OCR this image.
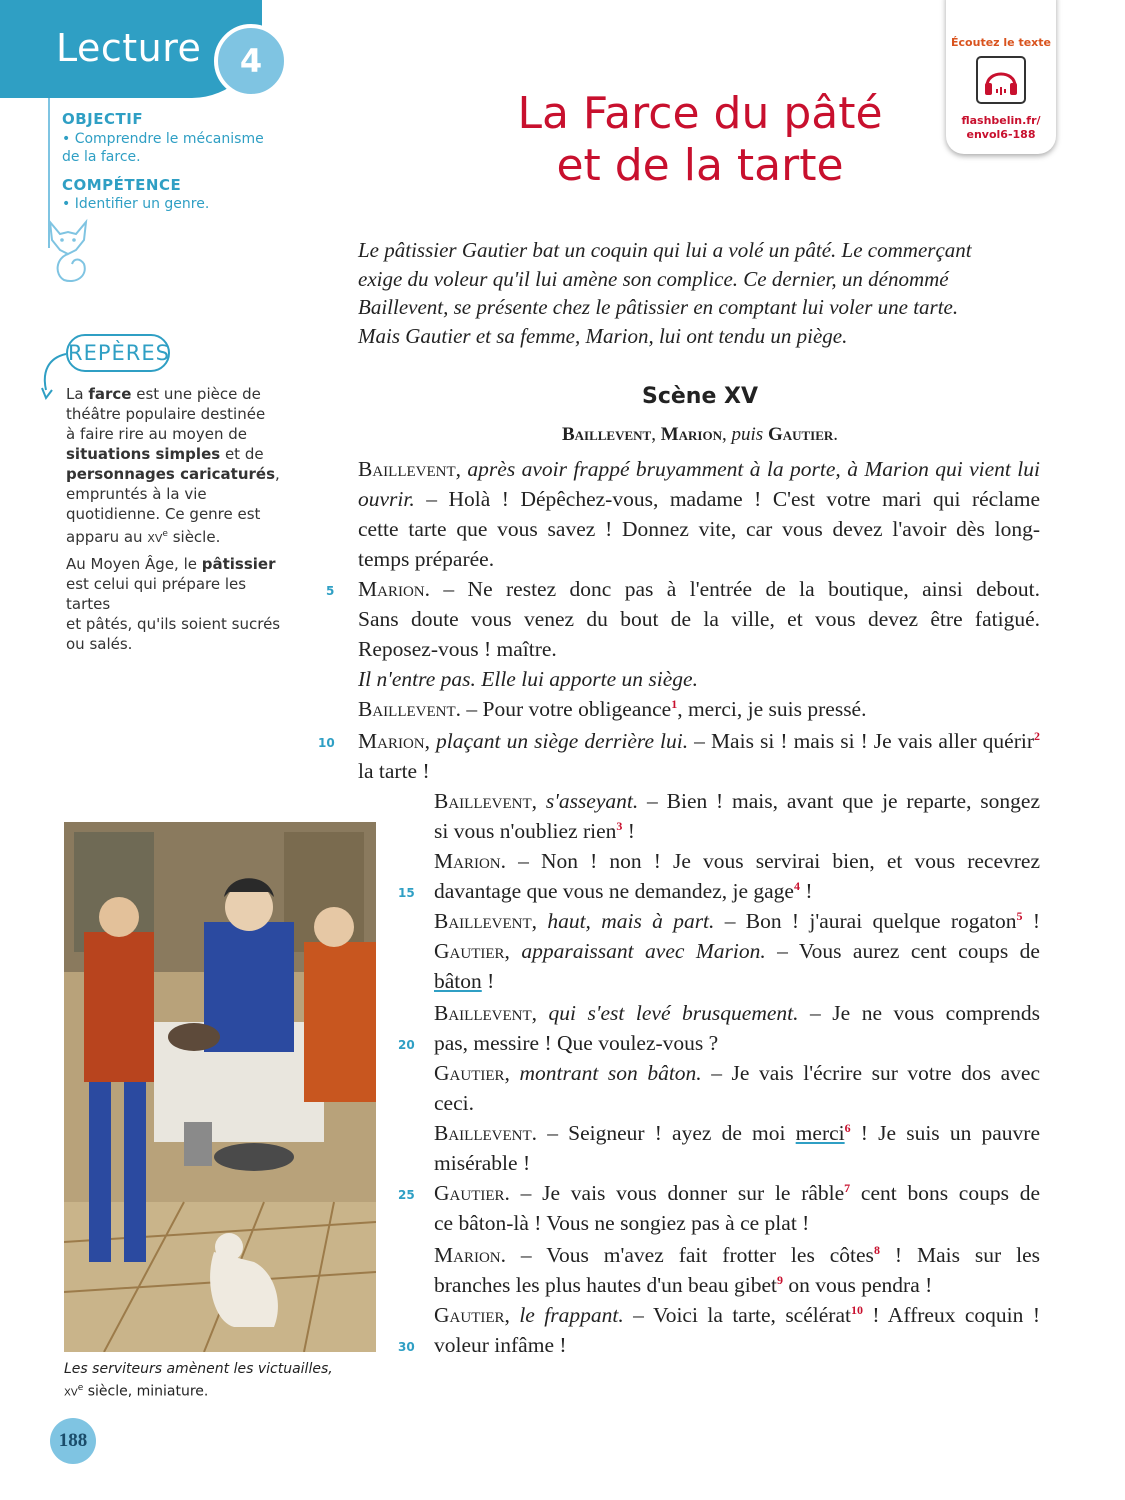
Lecture	4
OBJECTIF
• Comprendre le mécanisme
de la farce.
COMPÉTENCE
• Identifier un genre.
REPÈRES
La farce est une pièce de
théâtre populaire destinée
à faire rire au moyen de
situations simples et de
personnages caricaturés,
empruntés à la vie
quotidienne. Ce genre est
apparu au $xv^e$ siècle.
Au Moyen Âge, le pâtissier
est celui qui prépare les tartes
et pâtés, qu'ils soient sucrés
ou salés.
Écoutez le texte
flashbelin.fr/
envol6-188
La Farce du pâté
et de la tarte
Le pâtissier Gautier bat un coquin qui lui a volé un pâté. Le commerçant
exige du voleur qu'il lui amène son complice. Ce dernier, un dénommé
Baillevent, se présente chez le pâtissier en comptant lui voler une tarte.
Mais Gautier et sa femme, Marion, lui ont tendu un piège.
Scène XV
Baillevent, Marion, puis Gautier.
Baillevent, après avoir frappé bruyamment à la porte, à Marion qui vient lui
ouvrir. – Holà ! Dépêchez-vous, madame ! C'est votre mari qui réclame
cette tarte que vous savez ! Donnez vite, car vous devez l'avoir dès long-
temps préparée.
Marion. – Ne restez donc pas à l'entrée de la boutique, ainsi debout.
Sans doute vous venez du bout de la ville, et vous devez être fatigué.
Reposez-vous ! maître.
Il n'entre pas. Elle lui apporte un siège.
Baillevent. – Pour votre obligeance$^1$, merci, je suis pressé.
Marion, plaçant un siège derrière lui. – Mais si ! mais si ! Je vais aller quérir$^2$
la tarte !
Baillevent, s'asseyant. – Bien ! mais, avant que je reparte, songez
si vous n'oubliez rien$^3$ !
Marion. – Non ! non ! Je vous servirai bien, et vous recevrez
davantage que vous ne demandez, je gage$^4$ !
Baillevent, haut, mais à part. – Bon ! j'aurai quelque rogaton$^5$ !
Gautier, apparaissant avec Marion. – Vous aurez cent coups de
bâton !
Baillevent, qui s'est levé brusquement. – Je ne vous comprends
pas, messire ! Que voulez-vous ?
Gautier, montrant son bâton. – Je vais l'écrire sur votre dos avec
ceci.
Baillevent. – Seigneur ! ayez de moi merci$^6$ ! Je suis un pauvre
misérable !
Gautier. – Je vais vous donner sur le râble$^7$ cent bons coups de
ce bâton-là ! Vous ne songiez pas à ce plat !
Marion. – Vous m'avez fait frotter les côtes$^8$ ! Mais sur les
branches les plus hautes d'un beau gibet$^9$ on vous pendra !
Gautier, le frappant. – Voici la tarte, scélérat$^{10}$ ! Affreux coquin !
voleur infâme !
5
10
15
20
25
30
Les serviteurs amènent les victuailles,
$xv^e$ siècle, miniature.
188
